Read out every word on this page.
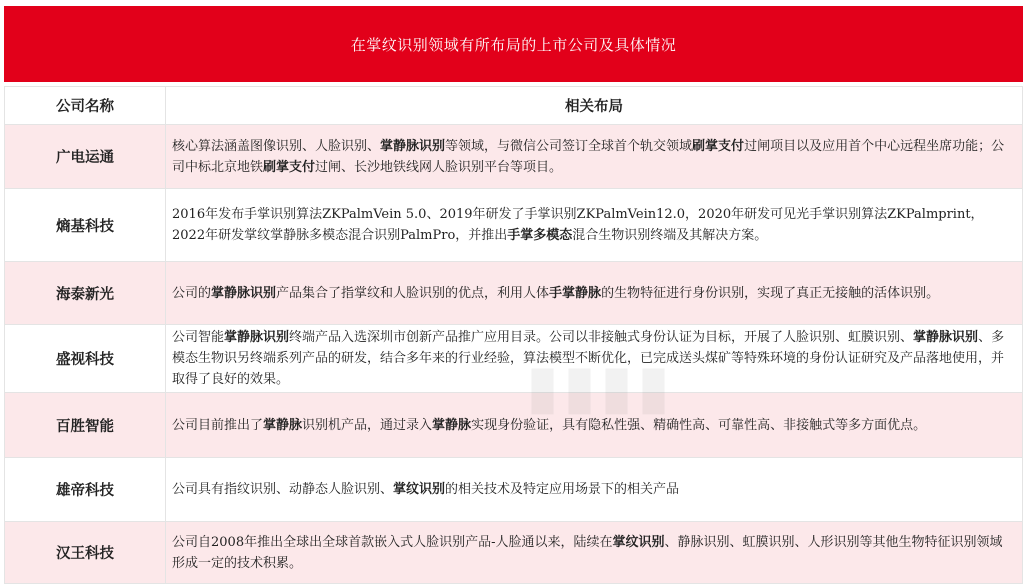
在掌纹识别领域有所布局的上市公司及具体情况
公司名称	相关布局
广电运通	核心算法涵盖图像识别、人脸识别、掌静脉识别等领域，与微信公司签订全球首个轨交领域刷掌支付过闸项目以及应用首个中心远程坐席功能；公司中标北京地铁刷掌支付过闸、长沙地铁线网人脸识别平台等项目。
熵基科技	2016年发布手掌识别算法ZKPalmVein 5.0、2019年研发了手掌识别ZKPalmVein12.0，2020年研发可见光手掌识别算法ZKPalmprint，2022年研发掌纹掌静脉多模态混合识别PalmPro，并推出手掌多模态混合生物识别终端及其解决方案。
海泰新光	公司的掌静脉识别产品集合了指掌纹和人脸识别的优点，利用人体手掌静脉的生物特征进行身份识别，实现了真正无接触的活体识别。
盛视科技	公司智能掌静脉识别终端产品入选深圳市创新产品推广应用目录。公司以非接触式身份认证为目标，开展了人脸识别、虹膜识别、掌静脉识别、多模态生物识另终端系列产品的研发，结合多年来的行业经验，算法模型不断优化，已完成送头煤矿等特殊环境的身份认证研究及产品落地使用，并取得了良好的效果。
百胜智能	公司目前推出了掌静脉识别机产品，通过录入掌静脉实现身份验证，具有隐私性强、精确性高、可靠性高、非接触式等多方面优点。
雄帝科技	公司具有指纹识别、动静态人脸识别、掌纹识别的相关技术及特定应用场景下的相关产品
汉王科技	公司自2008年推出全球出全球首款嵌入式人脸识别产品-人脸通以来，陆续在掌纹识别、静脉识别、虹膜识别、人形识别等其他生物特征识别领域形成一定的技术积累。
